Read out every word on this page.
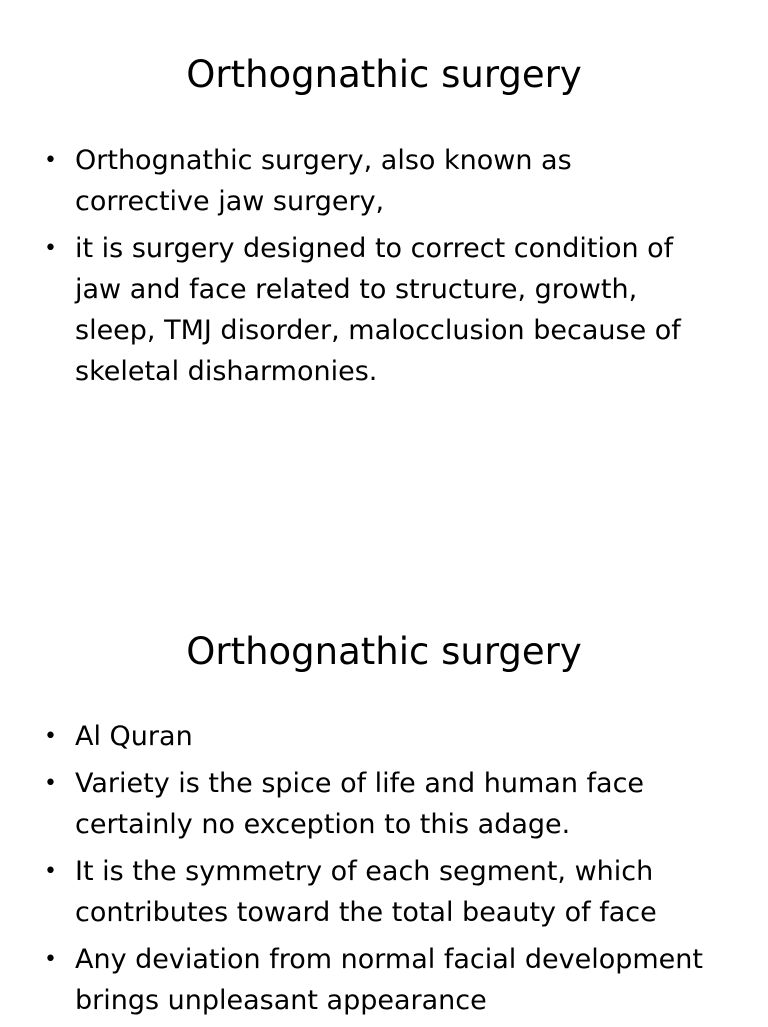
Orthognathic surgery
• Orthognathic surgery, also known as corrective jaw surgery,
• it is surgery designed to correct condition of jaw and face related to structure, growth, sleep, TMJ disorder, malocclusion because of skeletal disharmonies.
Orthognathic surgery
• Al Quran
• Variety is the spice of life and human face certainly no exception to this adage.
• It is the symmetry of each segment, which contributes toward the total beauty of face
• Any deviation from normal facial development brings unpleasant appearance
